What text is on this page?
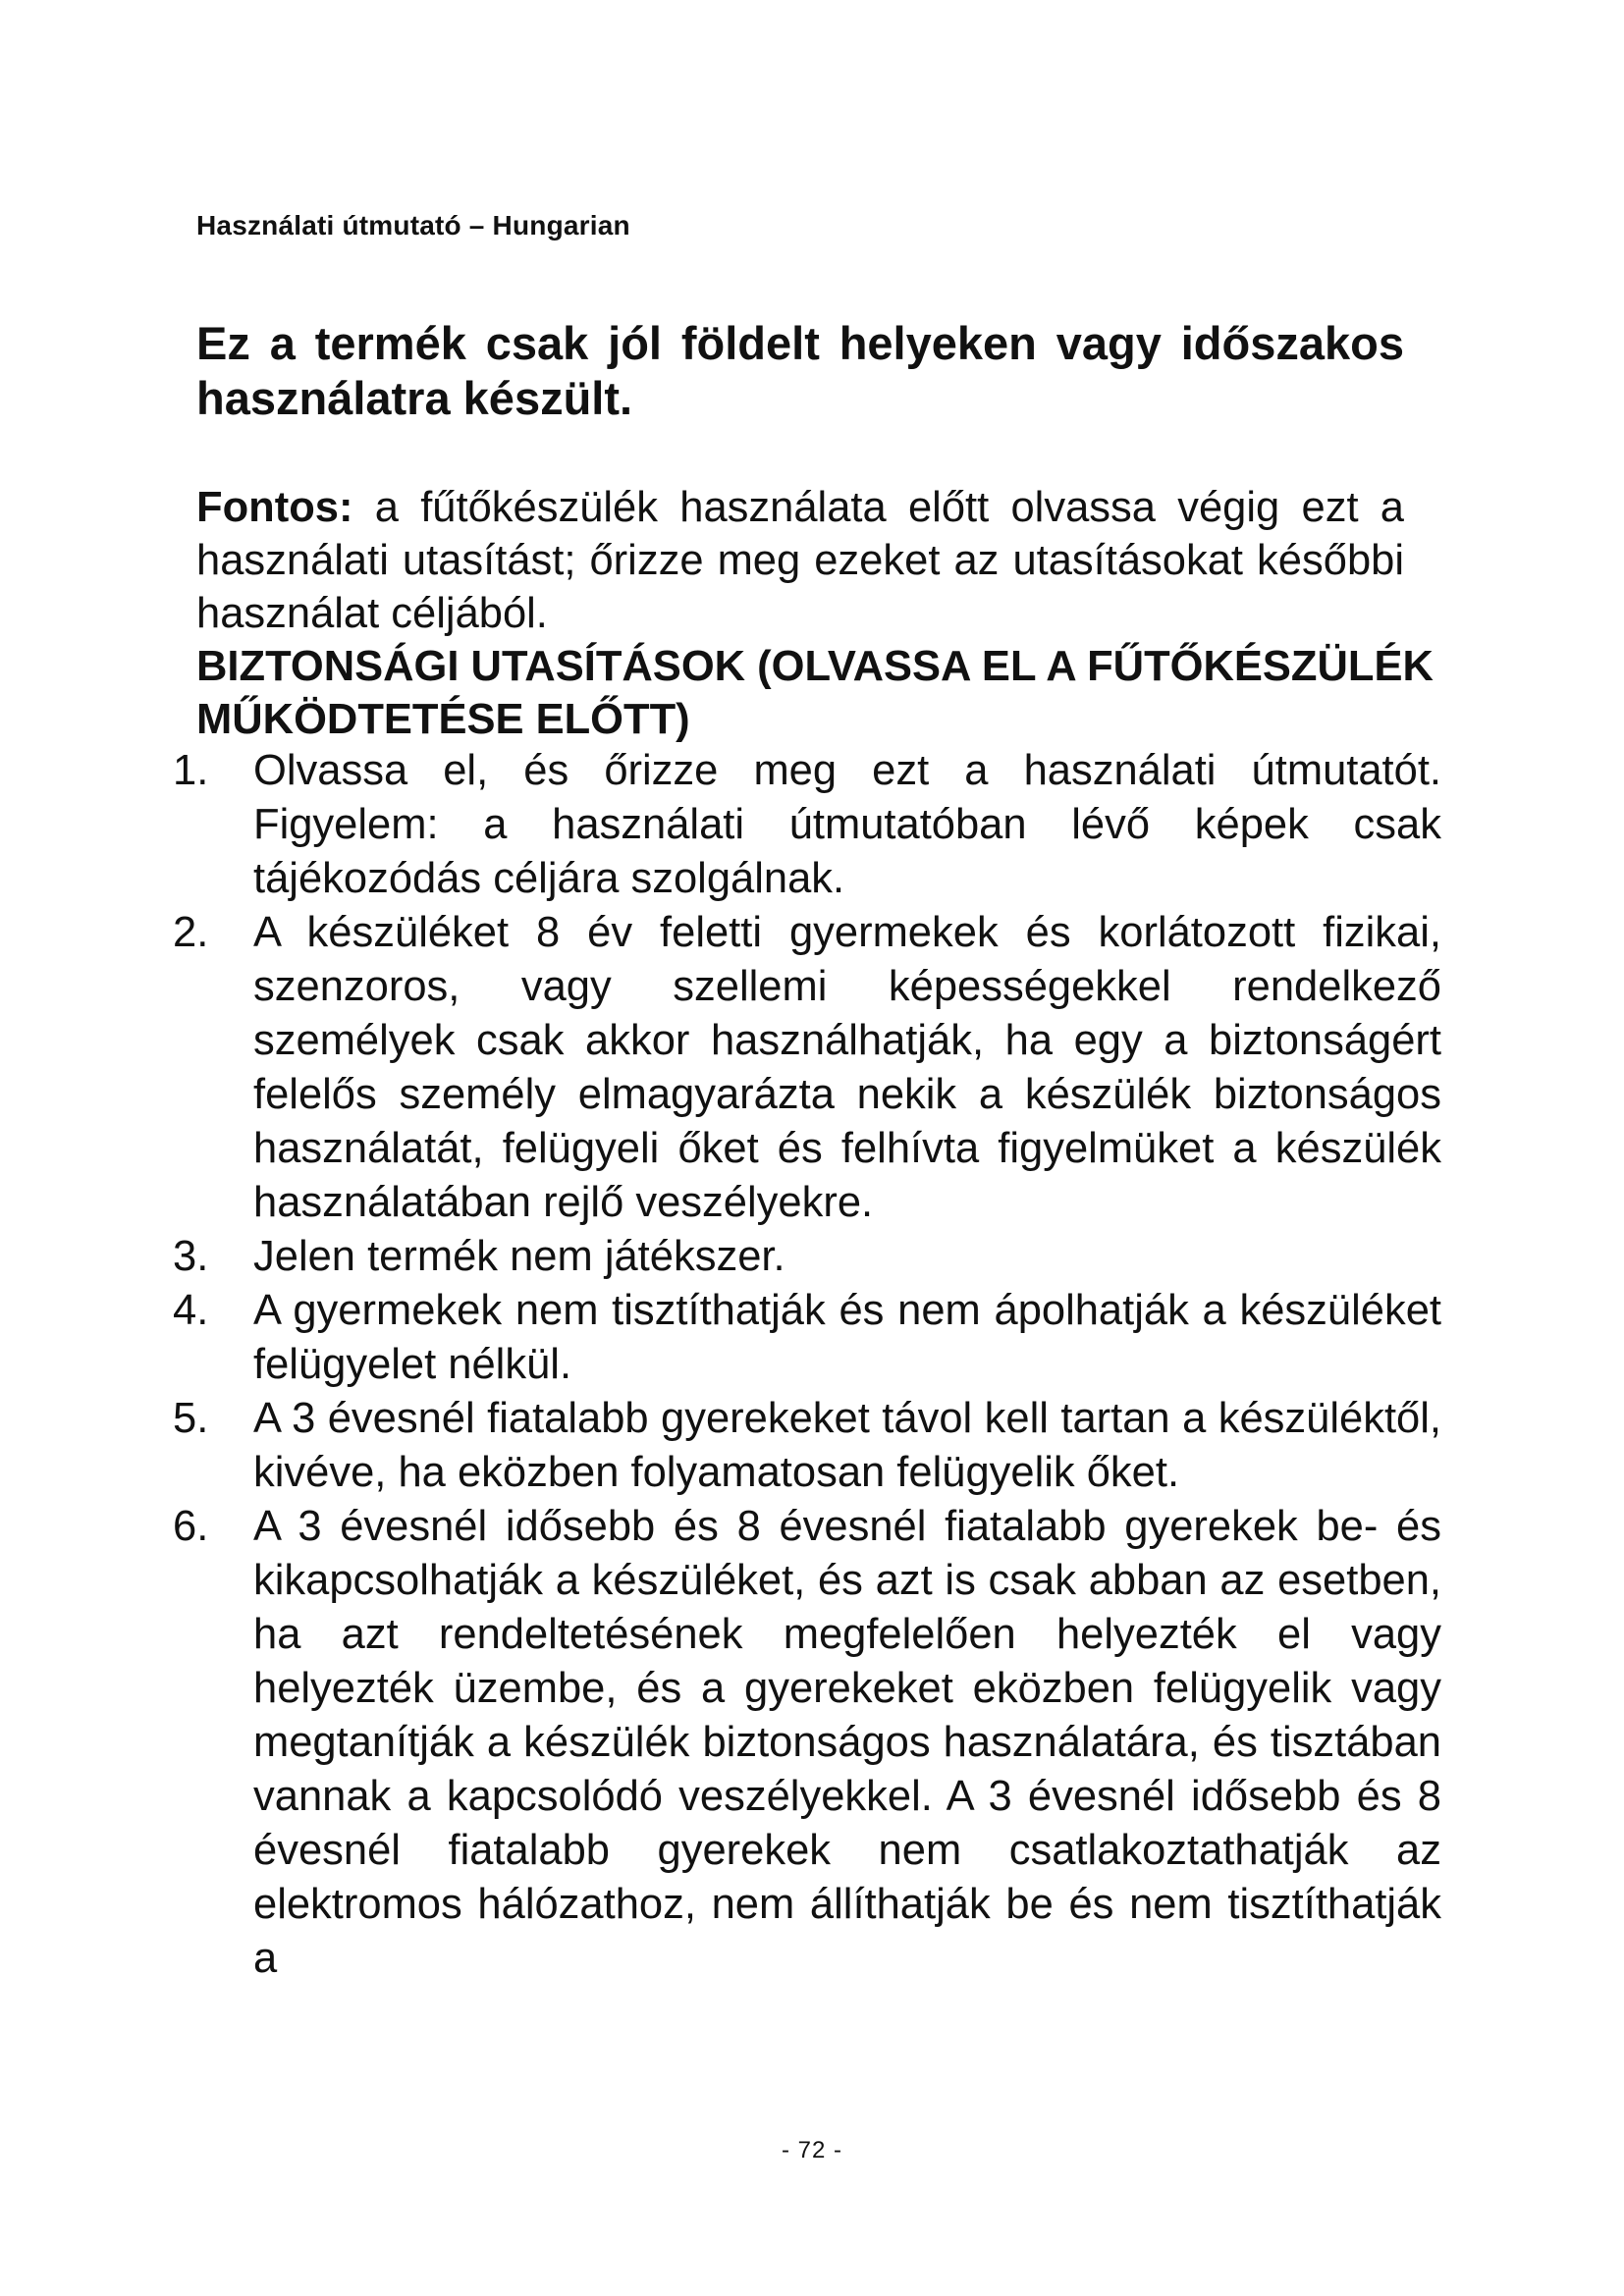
Használati útmutató – Hungarian
Ez a termék csak jól földelt helyeken vagy időszakos használatra készült.
Fontos: a fűtőkészülék használata előtt olvassa végig ezt a használati utasítást; őrizze meg ezeket az utasításokat későbbi használat céljából.
BIZTONSÁGI UTASÍTÁSOK (OLVASSA EL A FŰTŐKÉSZÜLÉK MŰKÖDTETÉSE ELŐTT)
1. Olvassa el, és őrizze meg ezt a használati útmutatót. Figyelem: a használati útmutatóban lévő képek csak tájékozódás céljára szolgálnak.
2. A készüléket 8 év feletti gyermekek és korlátozott fizikai, szenzoros, vagy szellemi képességekkel rendelkező személyek csak akkor használhatják, ha egy a biztonságért felelős személy elmagyarázta nekik a készülék biztonságos használatát, felügyeli őket és felhívta figyelmüket a készülék használatában rejlő veszélyekre.
3. Jelen termék nem játékszer.
4. A gyermekek nem tisztíthatják és nem ápolhatják a készüléket felügyelet nélkül.
5. A 3 évesnél fiatalabb gyerekeket távol kell tartan a készüléktől, kivéve, ha eközben folyamatosan felügyelik őket.
6. A 3 évesnél idősebb és 8 évesnél fiatalabb gyerekek be- és kikapcsolhatják a készüléket, és azt is csak abban az esetben, ha azt rendeltetésének megfelelően helyezték el vagy helyezték üzembe, és a gyerekeket eközben felügyelik vagy megtanítják a készülék biztonságos használatára, és tisztában vannak a kapcsolódó veszélyekkel. A 3 évesnél idősebb és 8 évesnél fiatalabb gyerekek nem csatlakoztathatják az elektromos hálózathoz, nem állíthatják be és nem tisztíthatják a
- 72 -
